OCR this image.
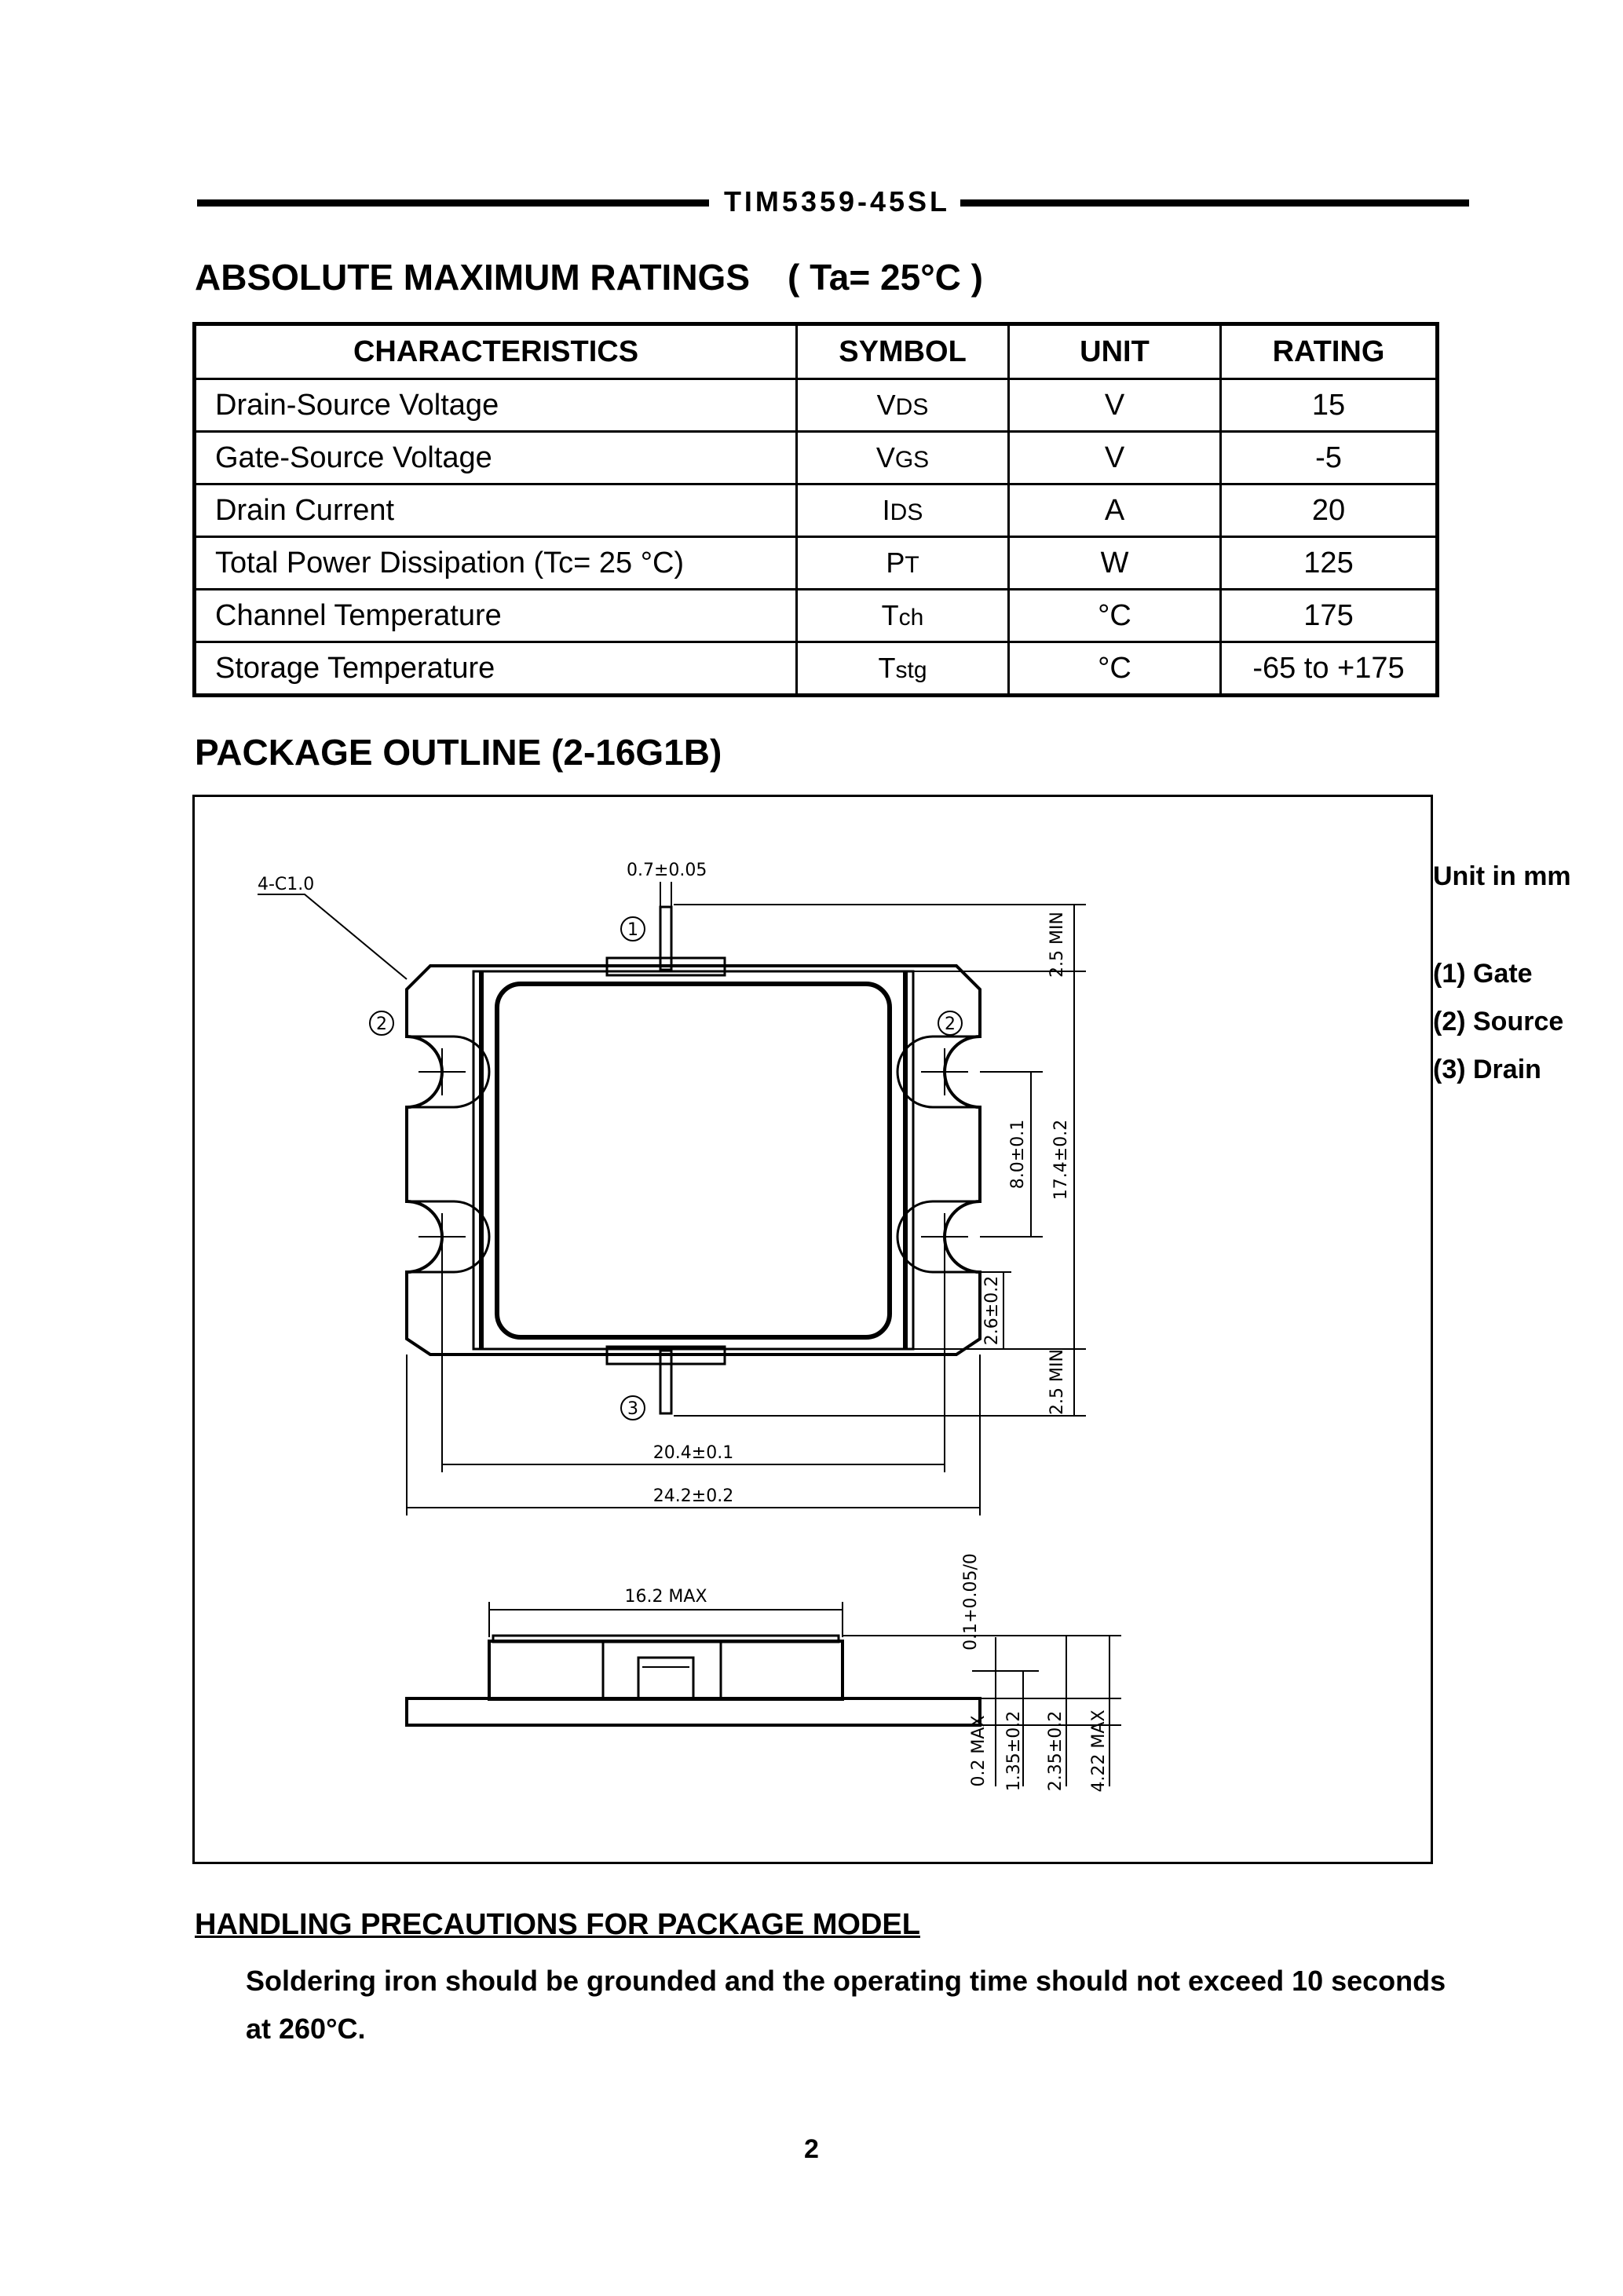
TIM5359-45SL
ABSOLUTE MAXIMUM RATINGS ( Ta= 25°C )
CHARACTERISTICS	SYMBOL	UNIT	RATING
Drain-Source Voltage	VDS	V	15
Gate-Source Voltage	VGS	V	-5
Drain Current	IDS	A	20
Total Power Dissipation (Tc= 25 °C)	PT	W	125
Channel Temperature	Tch	°C	175
Storage Temperature	Tstg	°C	-65 to +175
PACKAGE OUTLINE (2-16G1B)
1
2	2
3
4-C1.0
0.7±0.05
2.5 MIN
8.0±0.1 17.4±0.2
2.6±0.2
2.5 MIN
20.4±0.1
24.2±0.2
16.2 MAX	0.1+0.05/0
0.2 MAX 1.35±0.2 2.35±0.2 4.22 MAX
Unit in mm
(1) Gate
(2) Source
(3) Drain
HANDLING PRECAUTIONS FOR PACKAGE MODEL
Soldering iron should be grounded and the operating time should not exceed 10 seconds
at 260°C.
2
